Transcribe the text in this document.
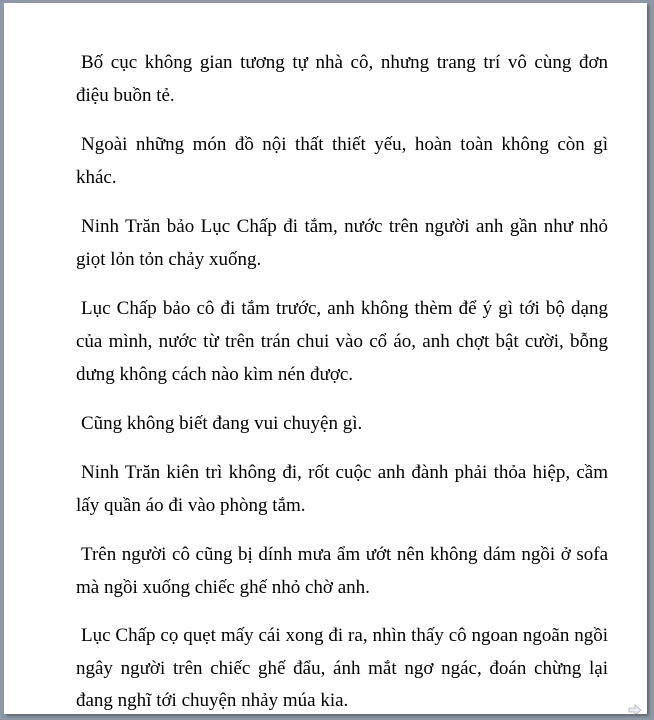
Bố cục không gian tương tự nhà cô, nhưng trang trí vô cùng đơn điệu buồn tẻ.

Ngoài những món đồ nội thất thiết yếu, hoàn toàn không còn gì khác.

Ninh Trăn bảo Lục Chấp đi tắm, nước trên người anh gần như nhỏ giọt lỏn tỏn chảy xuống.

Lục Chấp bảo cô đi tắm trước, anh không thèm để ý gì tới bộ dạng của mình, nước từ trên trán chui vào cổ áo, anh chợt bật cười, bỗng dưng không cách nào kìm nén được.

Cũng không biết đang vui chuyện gì.

Ninh Trăn kiên trì không đi, rốt cuộc anh đành phải thỏa hiệp, cầm lấy quần áo đi vào phòng tắm.

Trên người cô cũng bị dính mưa ẩm ướt nên không dám ngồi ở sofa mà ngồi xuống chiếc ghế nhỏ chờ anh.

Lục Chấp cọ quẹt mấy cái xong đi ra, nhìn thấy cô ngoan ngoãn ngồi ngây người trên chiếc ghế đẩu, ánh mắt ngơ ngác, đoán chừng lại đang nghĩ tới chuyện nhảy múa kia.
